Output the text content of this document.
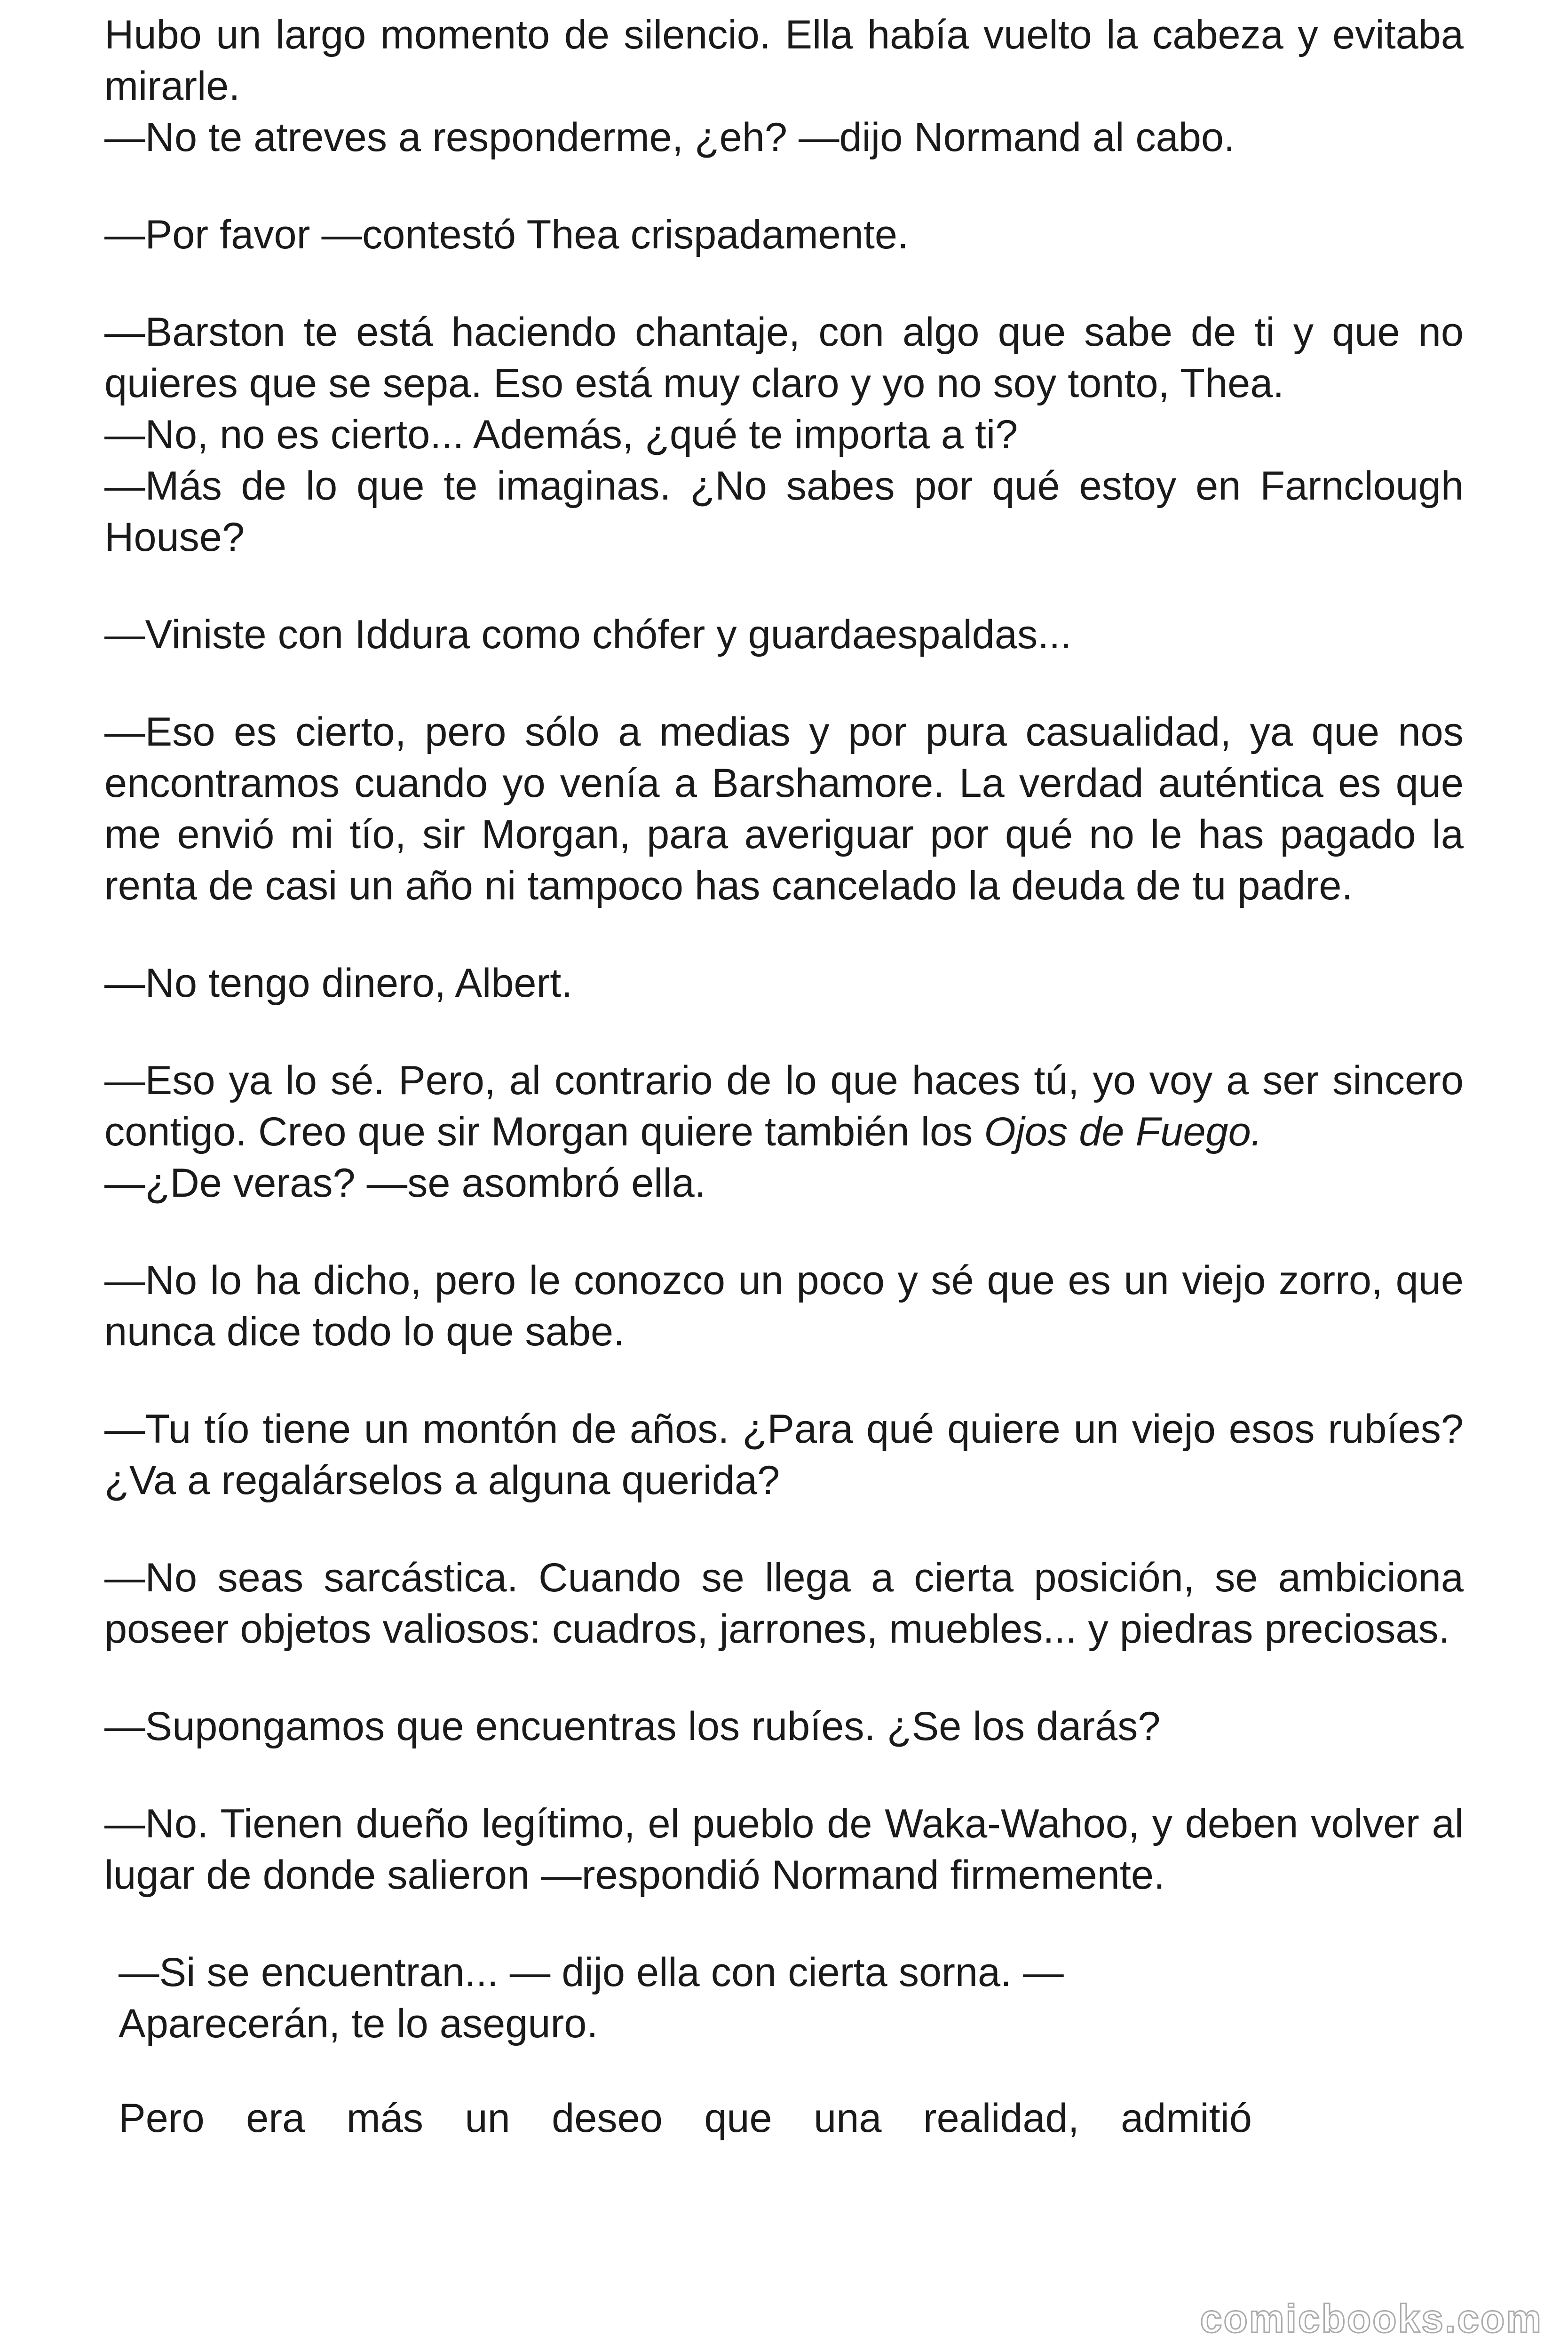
Hubo un largo momento de silencio. Ella había vuelto la cabeza y evitaba mirarle.

—No te atreves a responderme, ¿eh? —dijo Normand al cabo.

—Por favor —contestó Thea crispadamente.

—Barston te está haciendo chantaje, con algo que sabe de ti y que no quieres que se sepa. Eso está muy claro y yo no soy tonto, Thea.

—No, no es cierto... Además, ¿qué te importa a ti?

—Más de lo que te imaginas. ¿No sabes por qué estoy en Farnclough House?

—Viniste con Iddura como chófer y guardaespaldas...

—Eso es cierto, pero sólo a medias y por pura casualidad, ya que nos encontramos cuando yo venía a Barshamore. La verdad auténtica es que me envió mi tío, sir Morgan, para averiguar por qué no le has pagado la renta de casi un año ni tampoco has cancelado la deuda de tu padre.

—No tengo dinero, Albert.

—Eso ya lo sé. Pero, al contrario de lo que haces tú, yo voy a ser sincero contigo. Creo que sir Morgan quiere también los Ojos de Fuego.

—¿De veras? —se asombró ella.

—No lo ha dicho, pero le conozco un poco y sé que es un viejo zorro, que nunca dice todo lo que sabe.

—Tu tío tiene un montón de años. ¿Para qué quiere un viejo esos rubíes? ¿Va a regalárselos a alguna querida?

—No seas sarcástica. Cuando se llega a cierta posición, se ambiciona poseer objetos valiosos: cuadros, jarrones, muebles... y piedras preciosas.

—Supongamos que encuentras los rubíes. ¿Se los darás?

—No. Tienen dueño legítimo, el pueblo de Waka-Wahoo, y deben volver al lugar de donde salieron —respondió Normand firmemente.

—Si se encuentran... — dijo ella con cierta sorna. — Aparecerán, te lo aseguro.

Pero era más un deseo que una realidad, admitió

comicbooks.com
